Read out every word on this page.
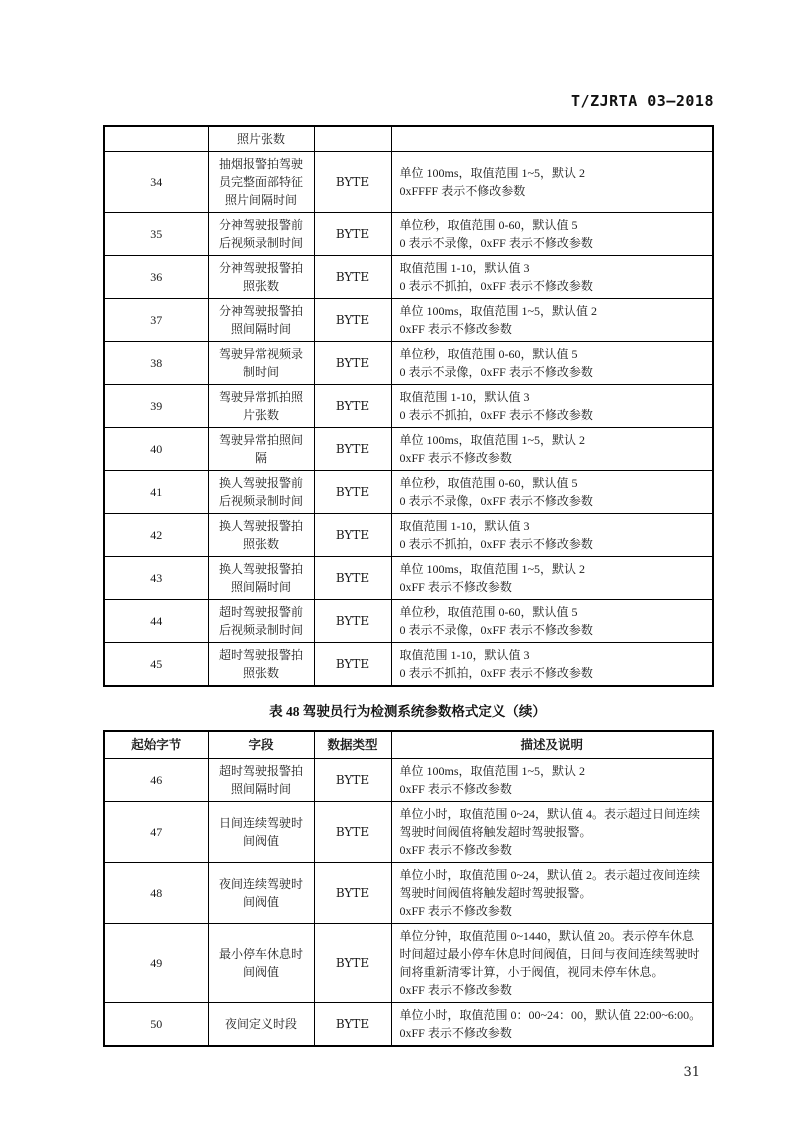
T/ZJRTA 03—2018
	照片张数		
34	抽烟报警拍驾驶员完整面部特征照片间隔时间	BYTE	单位 100ms，取值范围 1~5，默认 2
0xFFFF 表示不修改参数

35	分神驾驶报警前后视频录制时间	BYTE	单位秒，取值范围 0-60，默认值 5
0 表示不录像，0xFF 表示不修改参数

36	分神驾驶报警拍照张数	BYTE	取值范围 1-10，默认值 3
0 表示不抓拍，0xFF 表示不修改参数

37	分神驾驶报警拍照间隔时间	BYTE	单位 100ms，取值范围 1~5，默认值 2
0xFF 表示不修改参数

38	驾驶异常视频录制时间	BYTE	单位秒，取值范围 0-60，默认值 5
0 表示不录像，0xFF 表示不修改参数

39	驾驶异常抓拍照片张数	BYTE	取值范围 1-10，默认值 3
0 表示不抓拍，0xFF 表示不修改参数

40	驾驶异常拍照间隔	BYTE	单位 100ms，取值范围 1~5，默认 2
0xFF 表示不修改参数

41	换人驾驶报警前后视频录制时间	BYTE	单位秒，取值范围 0-60，默认值 5
0 表示不录像，0xFF 表示不修改参数

42	换人驾驶报警拍照张数	BYTE	取值范围 1-10，默认值 3
0 表示不抓拍，0xFF 表示不修改参数

43	换人驾驶报警拍照间隔时间	BYTE	单位 100ms，取值范围 1~5，默认 2
0xFF 表示不修改参数

44	超时驾驶报警前后视频录制时间	BYTE	单位秒，取值范围 0-60，默认值 5
0 表示不录像，0xFF 表示不修改参数

45	超时驾驶报警拍照张数	BYTE	取值范围 1-10，默认值 3
0 表示不抓拍，0xFF 表示不修改参数
表 48 驾驶员行为检测系统参数格式定义（续）
起始字节	字段	数据类型	描述及说明
46	超时驾驶报警拍照间隔时间	BYTE	单位 100ms，取值范围 1~5，默认 2
0xFF 表示不修改参数

47	日间连续驾驶时间阀值	BYTE	单位小时，取值范围 0~24，默认值 4。表示超过日间连续驾驶时间阀值将触发超时驾驶报警。
0xFF 表示不修改参数

48	夜间连续驾驶时间阀值	BYTE	单位小时，取值范围 0~24，默认值 2。表示超过夜间连续驾驶时间阀值将触发超时驾驶报警。
0xFF 表示不修改参数

49	最小停车休息时间阀值	BYTE	单位分钟，取值范围 0~1440，默认值 20。表示停车休息时间超过最小停车休息时间阀值，日间与夜间连续驾驶时间将重新清零计算，小于阀值，视同未停车休息。
0xFF 表示不修改参数

50	夜间定义时段	BYTE	单位小时，取值范围 0：00~24：00，默认值 22:00~6:00。
0xFF 表示不修改参数
31
